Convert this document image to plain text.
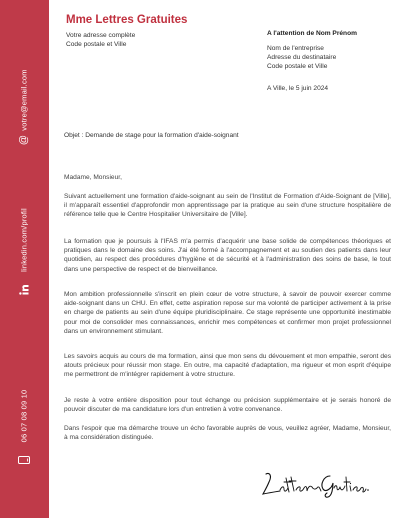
@
votre@email.com
linkedin.com/profil
06 07 08 09 10
Mme Lettres Gratuites
Votre adresse complète
Code postale et Ville
A l'attention de Nom Prénom
Nom de l'entreprise
Adresse du destinataire
Code postale et Ville
A Ville, le 5 juin 2024
Objet : Demande de stage pour la formation d'aide-soignant

Madame, Monsieur,

Suivant actuellement une formation d'aide-soignant au sein de l'Institut de Formation d'Aide-Soignant de [Ville], il m'apparaît essentiel d'approfondir mon apprentissage par la pratique au sein d'une structure hospitalière de référence telle que le Centre Hospitalier Universitaire de [Ville].

La formation que je poursuis à l'IFAS m'a permis d'acquérir une base solide de compétences théoriques et pratiques dans le domaine des soins. J'ai été formé à l'accompagnement et au soutien des patients dans leur quotidien, au respect des procédures d'hygiène et de sécurité et à l'administration des soins de base, le tout dans une perspective de respect et de bienveillance.

Mon ambition professionnelle s'inscrit en plein cœur de votre structure, à savoir de pouvoir exercer comme aide-soignant dans un CHU. En effet, cette aspiration repose sur ma volonté de participer activement à la prise en charge de patients au sein d'une équipe pluridisciplinaire. Ce stage représente une opportunité inestimable pour moi de consolider mes connaissances, enrichir mes compétences et confirmer mon projet professionnel dans un environnement stimulant.

Les savoirs acquis au cours de ma formation, ainsi que mon sens du dévouement et mon empathie, seront des atouts précieux pour réussir mon stage. En outre, ma capacité d'adaptation, ma rigueur et mon esprit d'équipe me permettront de m'intégrer rapidement à votre structure.

Je reste à votre entière disposition pour tout échange ou précision supplémentaire et je serais honoré de pouvoir discuter de ma candidature lors d'un entretien à votre convenance.

Dans l'espoir que ma démarche trouve un écho favorable auprès de vous, veuillez agréer, Madame, Monsieur, à ma considération distinguée.
